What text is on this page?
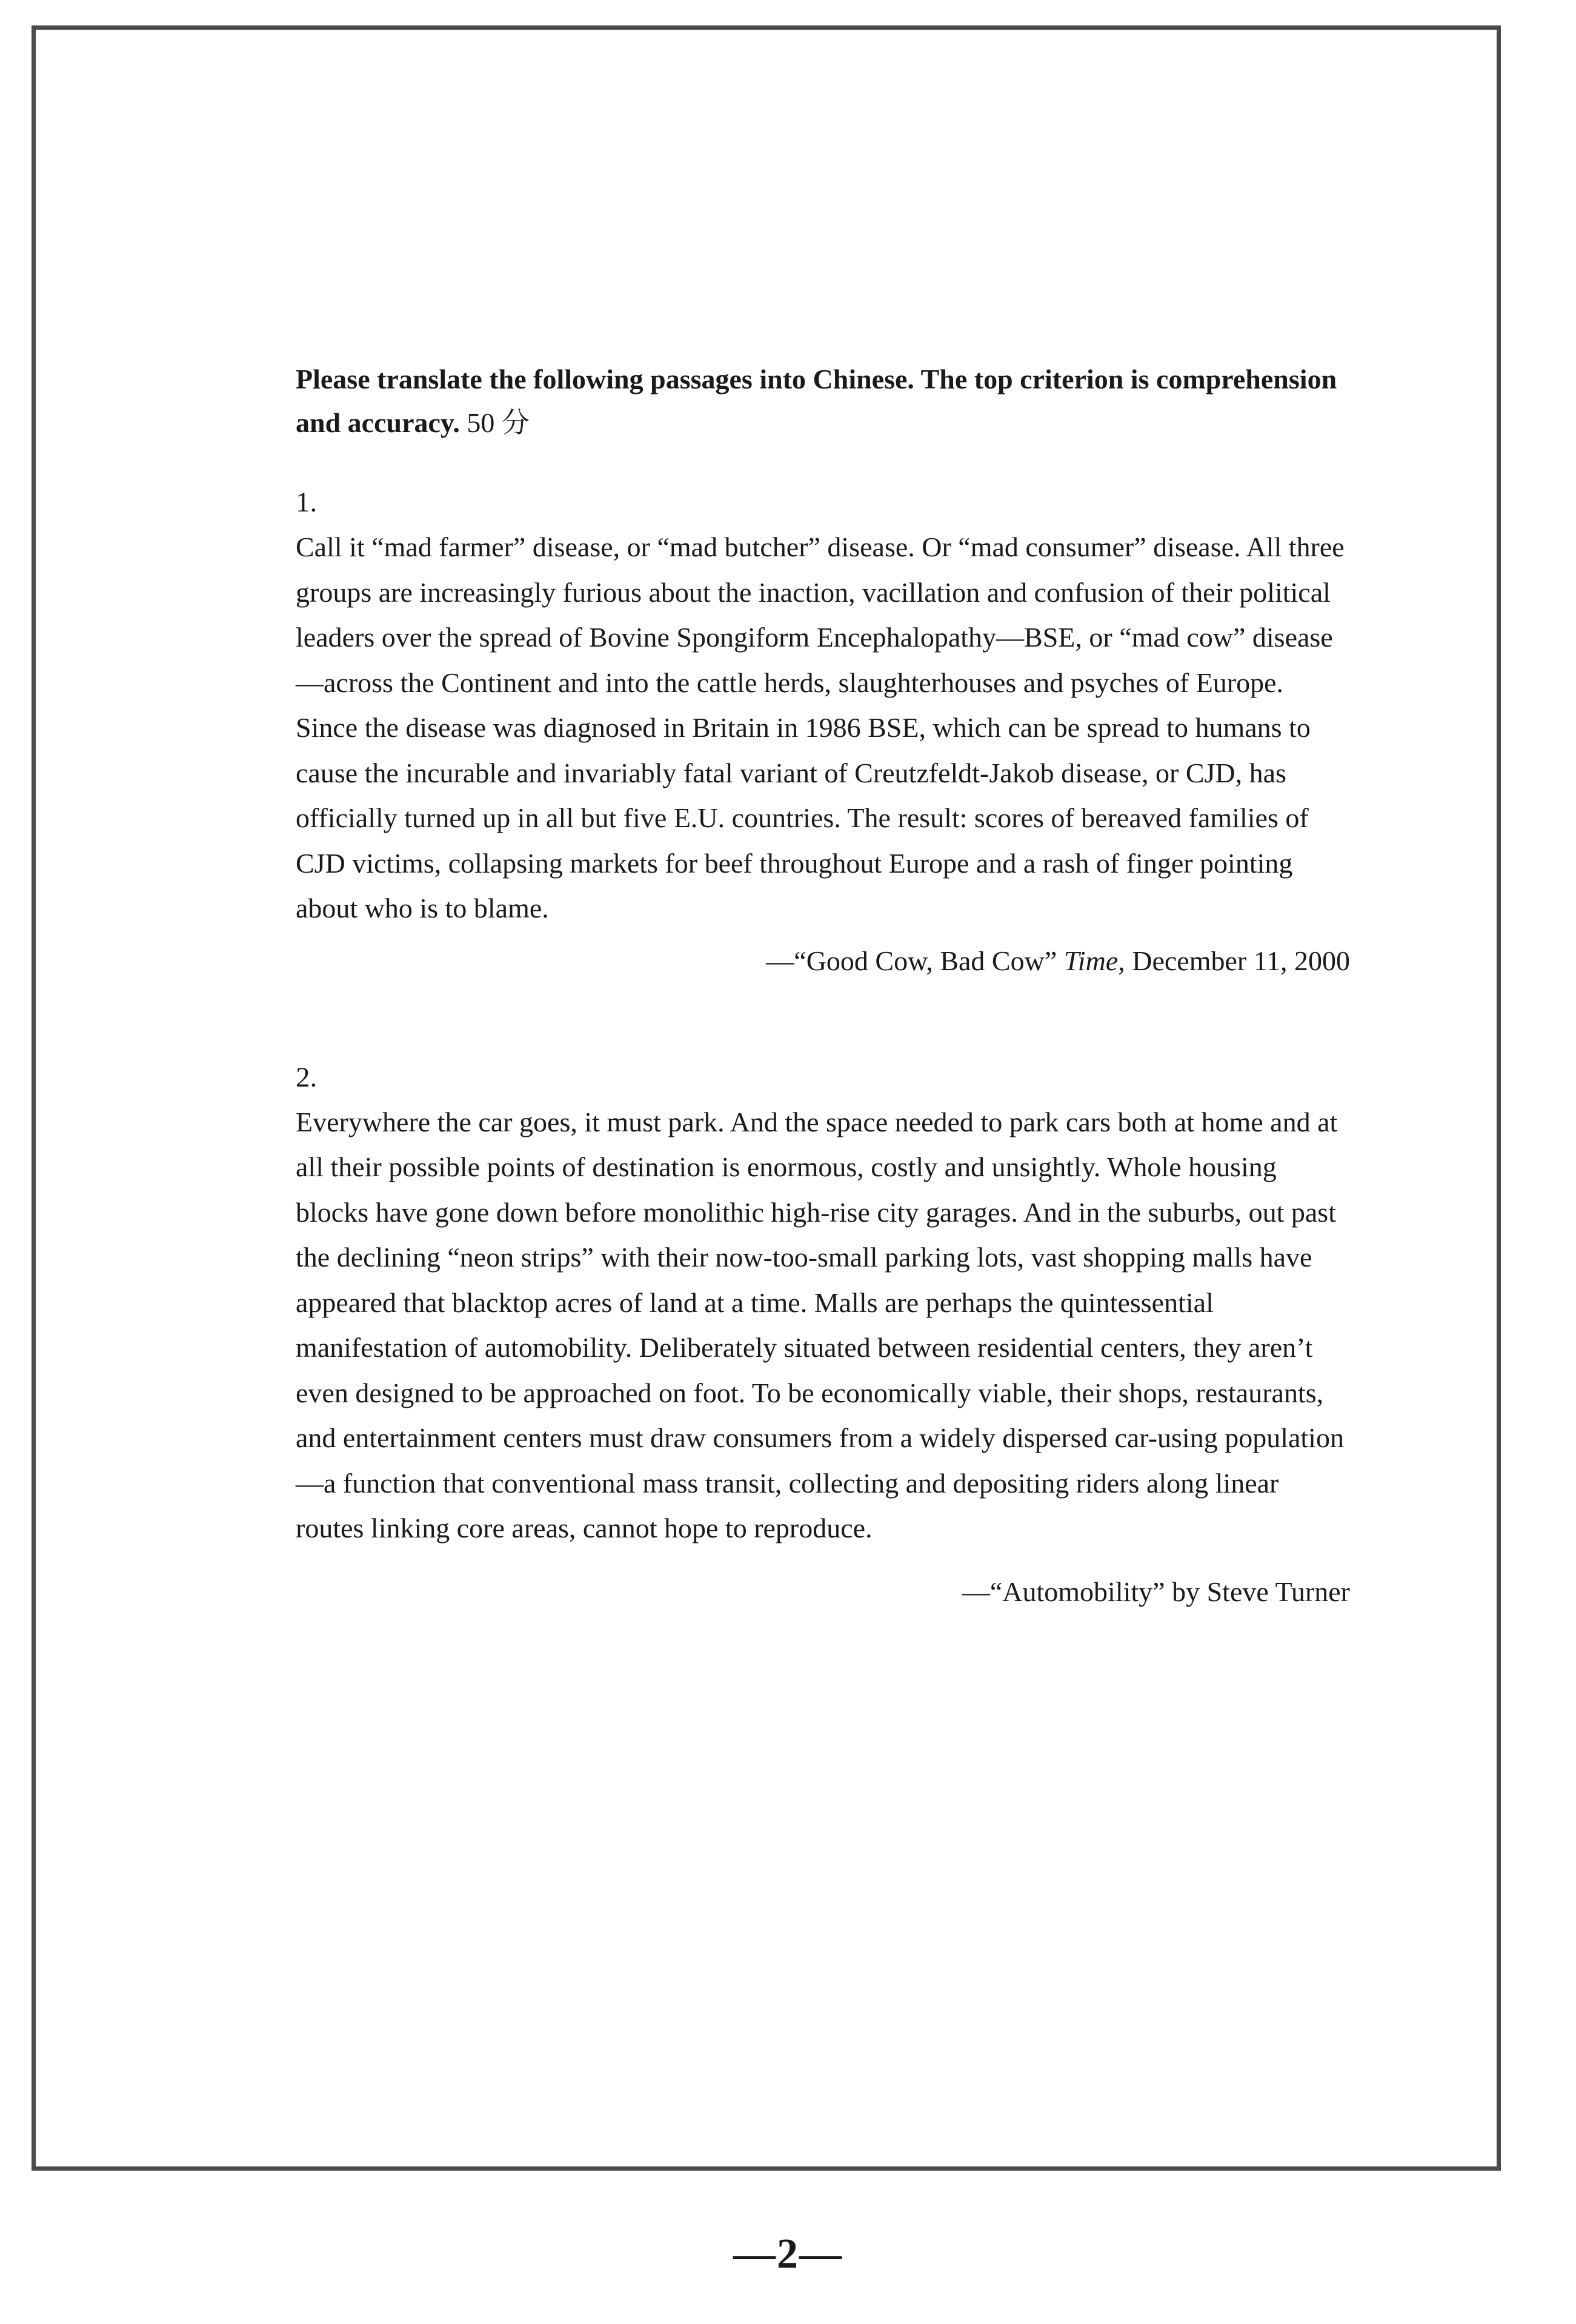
Please translate the following passages into Chinese. The top criterion is comprehension and accuracy. 50 分

1.

Call it “mad farmer” disease, or “mad butcher” disease. Or “mad consumer” disease. All three groups are increasingly furious about the inaction, vacillation and confusion of their political leaders over the spread of Bovine Spongiform Encephalopathy—BSE, or “mad cow” disease—across the Continent and into the cattle herds, slaughterhouses and psyches of Europe. Since the disease was diagnosed in Britain in 1986 BSE, which can be spread to humans to cause the incurable and invariably fatal variant of Creutzfeldt-Jakob disease, or CJD, has officially turned up in all but five E.U. countries. The result: scores of bereaved families of CJD victims, collapsing markets for beef throughout Europe and a rash of finger pointing about who is to blame.

—“Good Cow, Bad Cow” Time, December 11, 2000

2.

Everywhere the car goes, it must park. And the space needed to park cars both at home and at all their possible points of destination is enormous, costly and unsightly. Whole housing blocks have gone down before monolithic high-rise city garages. And in the suburbs, out past the declining “neon strips” with their now-too-small parking lots, vast shopping malls have appeared that blacktop acres of land at a time. Malls are perhaps the quintessential manifestation of automobility. Deliberately situated between residential centers, they aren’t even designed to be approached on foot. To be economically viable, their shops, restaurants, and entertainment centers must draw consumers from a widely dispersed car-using population—a function that conventional mass transit, collecting and depositing riders along linear routes linking core areas, cannot hope to reproduce.

—“Automobility” by Steve Turner

—2—
